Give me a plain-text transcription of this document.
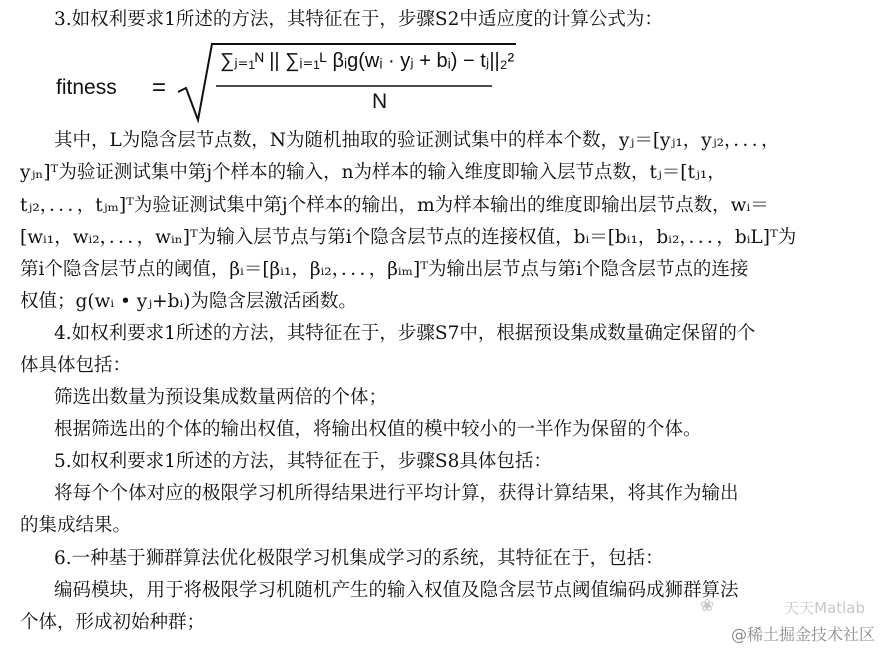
3.如权利要求1所述的方法，其特征在于，步骤S2中适应度的计算公式为：
fitness =
∑ⱼ₌₁ᴺ || ∑ᵢ₌₁ᴸ βᵢg(wᵢ · yⱼ + bᵢ) − tⱼ||₂²
N
其中，L为隐含层节点数，N为随机抽取的验证测试集中的样本个数，yⱼ＝[yⱼ₁，yⱼ₂，．．．，
yⱼₙ]ᵀ为验证测试集中第j个样本的输入，n为样本的输入维度即输入层节点数，tⱼ＝[tⱼ₁，
tⱼ₂，．．．，tⱼₘ]ᵀ为验证测试集中第j个样本的输出，m为样本输出的维度即输出层节点数，wᵢ＝
[wᵢ₁，wᵢ₂，．．．，wᵢₙ]ᵀ为输入层节点与第i个隐含层节点的连接权值，bᵢ＝[bᵢ₁，bᵢ₂，．．．，bᵢL]ᵀ为
第i个隐含层节点的阈值，βᵢ＝[βᵢ₁，βᵢ₂，．．．，βᵢₘ]ᵀ为输出层节点与第i个隐含层节点的连接
权值；g(wᵢ • yⱼ+bᵢ)为隐含层激活函数。
4.如权利要求1所述的方法，其特征在于，步骤S7中，根据预设集成数量确定保留的个
体具体包括：
筛选出数量为预设集成数量两倍的个体；
根据筛选出的个体的输出权值，将输出权值的模中较小的一半作为保留的个体。
5.如权利要求1所述的方法，其特征在于，步骤S8具体包括：
将每个个体对应的极限学习机所得结果进行平均计算，获得计算结果，将其作为输出
的集成结果。
6.一种基于狮群算法优化极限学习机集成学习的系统，其特征在于，包括：
编码模块，用于将极限学习机随机产生的输入权值及隐含层节点阈值编码成狮群算法
个体，形成初始种群；
❀	天天Matlab
@稀土掘金技术社区
